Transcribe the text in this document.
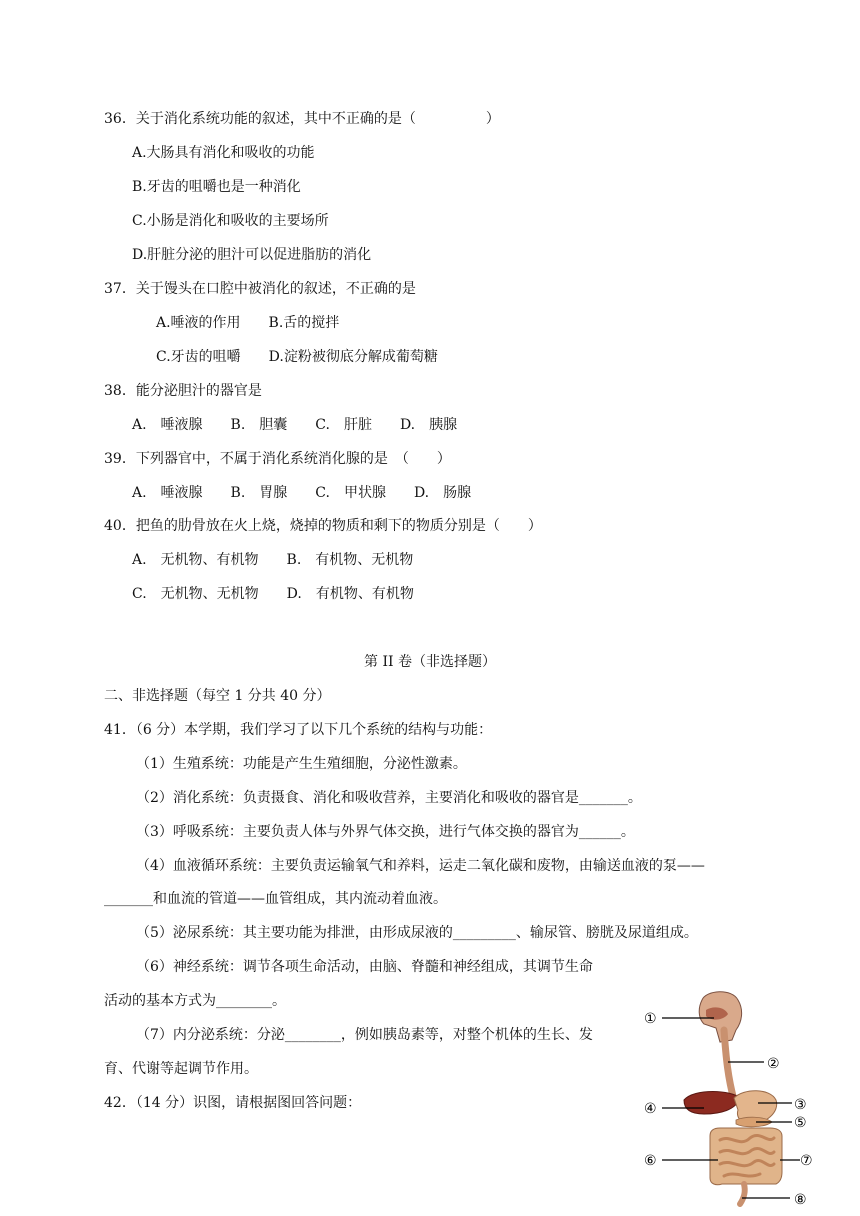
36．关于消化系统功能的叙述，其中不正确的是（　　　　　）
A.大肠具有消化和吸收的功能
B.牙齿的咀嚼也是一种消化
C.小肠是消化和吸收的主要场所
D.肝脏分泌的胆汁可以促进脂肪的消化
37．关于馒头在口腔中被消化的叙述，不正确的是
A.唾液的作用　　B.舌的搅拌
C.牙齿的咀嚼　　D.淀粉被彻底分解成葡萄糖
38．能分泌胆汁的器官是
A.　唾液腺　　B.　胆囊　　C.　肝脏　　D.　胰腺
39．下列器官中，不属于消化系统消化腺的是　（　　）
A.　唾液腺　　B.　胃腺　　C.　甲状腺　　D.　肠腺
40．把鱼的肋骨放在火上烧，烧掉的物质和剩下的物质分别是（　　）
A.　无机物、有机物　　B.　有机物、无机物
C.　无机物、无机物　　D.　有机物、有机物
第 II 卷（非选择题）
二、非选择题（每空 1 分共 40 分）
41．（6 分）本学期，我们学习了以下几个系统的结构与功能：
（1）生殖系统：功能是产生生殖细胞，分泌性激素。
（2）消化系统：负责摄食、消化和吸收营养，主要消化和吸收的器官是_______。
（3）呼吸系统：主要负责人体与外界气体交换，进行气体交换的器官为______。
（4）血液循环系统：主要负责运输氧气和养料，运走二氧化碳和废物，由输送血液的泵——
_______和血流的管道——血管组成，其内流动着血液。
（5）泌尿系统：其主要功能为排泄，由形成尿液的_________、输尿管、膀胱及尿道组成。
（6）神经系统：调节各项生命活动，由脑、脊髓和神经组成，其调节生命
活动的基本方式为________。
（7）内分泌系统：分泌________，例如胰岛素等，对整个机体的生长、发
育、代谢等起调节作用。
42．（14 分）识图，请根据图回答问题：
①
②
③
④
⑤
⑥	⑦
⑧
